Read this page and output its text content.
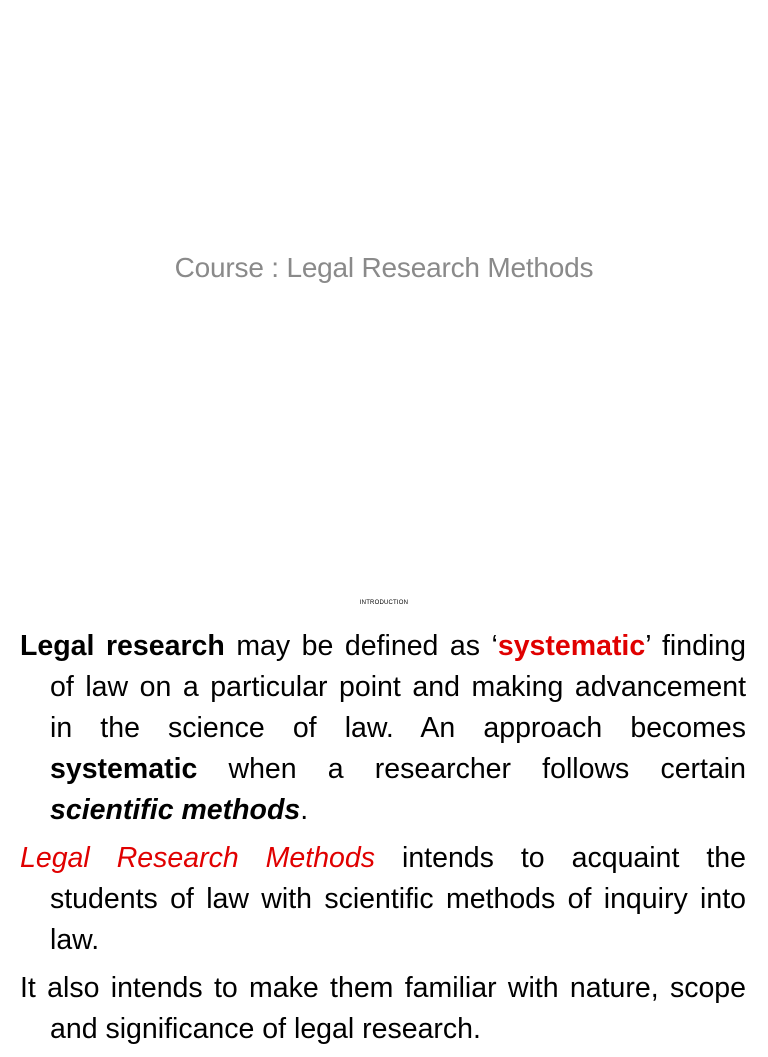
Course : Legal Research Methods
INTRODUCTION

Legal research may be defined as ‘systematic’ finding of law on a particular point and making advancement in the science of law. An approach becomes systematic when a researcher follows certain scientific methods.

Legal Research Methods intends to acquaint the students of law with scientific methods of inquiry into law.

It also intends to make them familiar with nature, scope and significance of legal research.
